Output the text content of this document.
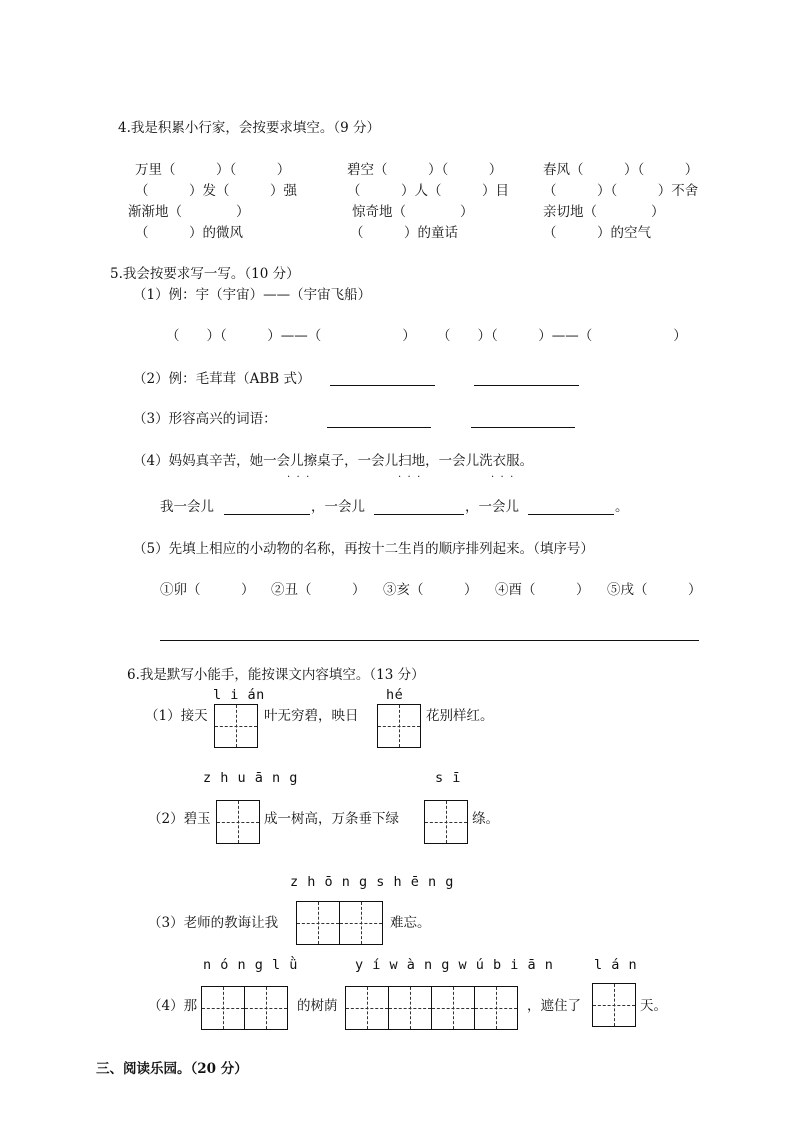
4.我是积累小行家，会按要求填空。（9 分）
万里（　　　）（　　　）	碧空（　　　）（　　　）	春风（　　　）（　　　）
（　　　）发（　　　）强	（　　　）人（　　　）目	（　　　）（　　　）不舍
渐渐地（　　　　）	惊奇地（　　　　）	亲切地（　　　　）
（　　　）的微风	（　　　）的童话	（　　　）的空气
5.我会按要求写一写。（10 分）
（1）例：宇（宇宙）——（宇宙飞船）
（　　）（　　　）——（　　　　　　） （　　）（　　　）——（　　　　　　）
（2）例：毛茸茸（ABB 式）
（3）形容高兴的词语：
（4）妈妈真辛苦，她一会儿擦桌子，一会儿扫地，一会儿洗衣服。
.  .  .	.  .  .	.  .  .
我一会儿	，一会儿	，一会儿	。
（5）先填上相应的小动物的名称，再按十二生肖的顺序排列起来。（填序号）
①卯（　　　） ②丑（　　　） ③亥（　　　） ④酉（　　　） ⑤戌（　　　）
6.我是默写小能手，能按课文内容填空。（13 分）
l i án	hé
（1）接天	叶无穷碧，映日	花别样红。
z h u ā n g	s ī
（2）碧玉	成一树高，万条垂下绿	绦。
z h ō n g s h ē n g
（3）老师的教诲让我	难忘。
n ó n g l ǜ	y í w à n g w ú b i ā n	l á n
（4）那	的树荫	，遮住了	天。
三、阅读乐园。（20 分）
